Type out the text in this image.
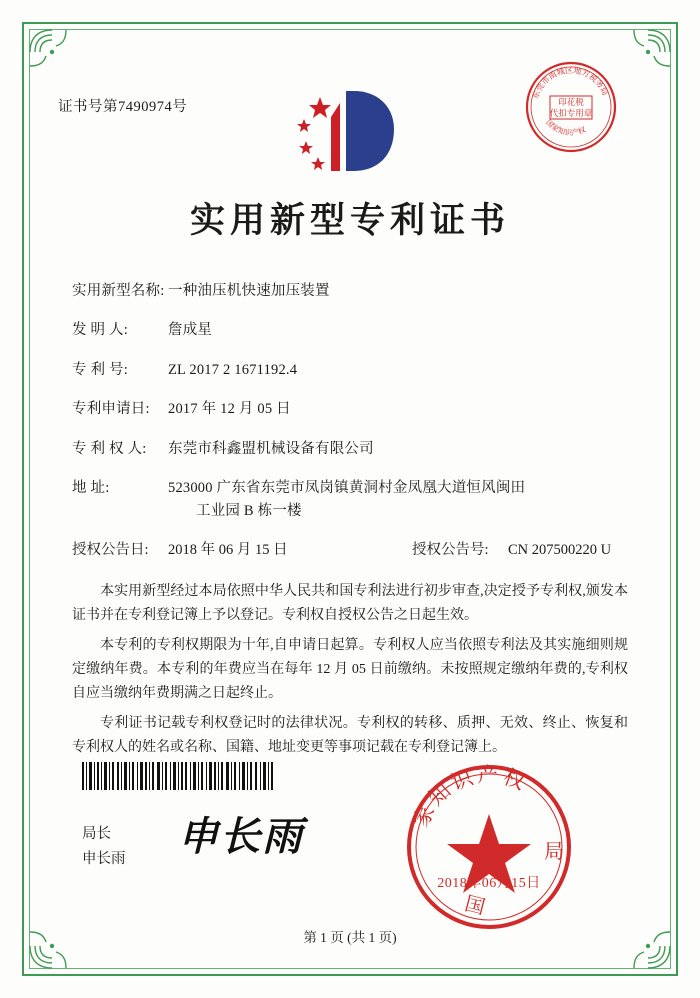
证书号第7490974号	印花税
代扣专用章
东莞市南城区地方税务局
国家知识产权
实用新型专利证书
实用新型名称: 一种油压机快速加压装置
发 明 人:	詹成星
专 利 号:	ZL 2017 2 1671192.4
专利申请日:	2017 年 12 月 05 日
专 利 权 人:	东莞市科鑫盟机械设备有限公司
地 址:	523000 广东省东莞市凤岗镇黄洞村金凤凰大道恒风闽田
工业园 B 栋一楼
授权公告日:	2018 年 06 月 15 日	授权公告号:	CN 207500220 U

本实用新型经过本局依照中华人民共和国专利法进行初步审查,决定授予专利权,颁发本证书并在专利登记簿上予以登记。专利权自授权公告之日起生效。

本专利的专利权期限为十年,自申请日起算。专利权人应当依照专利法及其实施细则规定缴纳年费。本专利的年费应当在每年 12 月 05 日前缴纳。未按照规定缴纳年费的,专利权自应当缴纳年费期满之日起终止。

专利证书记载专利权登记时的法律状况。专利权的转移、质押、无效、终止、恢复和专利权人的姓名或名称、国籍、地址变更等事项记载在专利登记簿上。

局长
申长雨
申长雨	家知识产权
国
局
2018年06月15日
第 1 页 (共 1 页)
